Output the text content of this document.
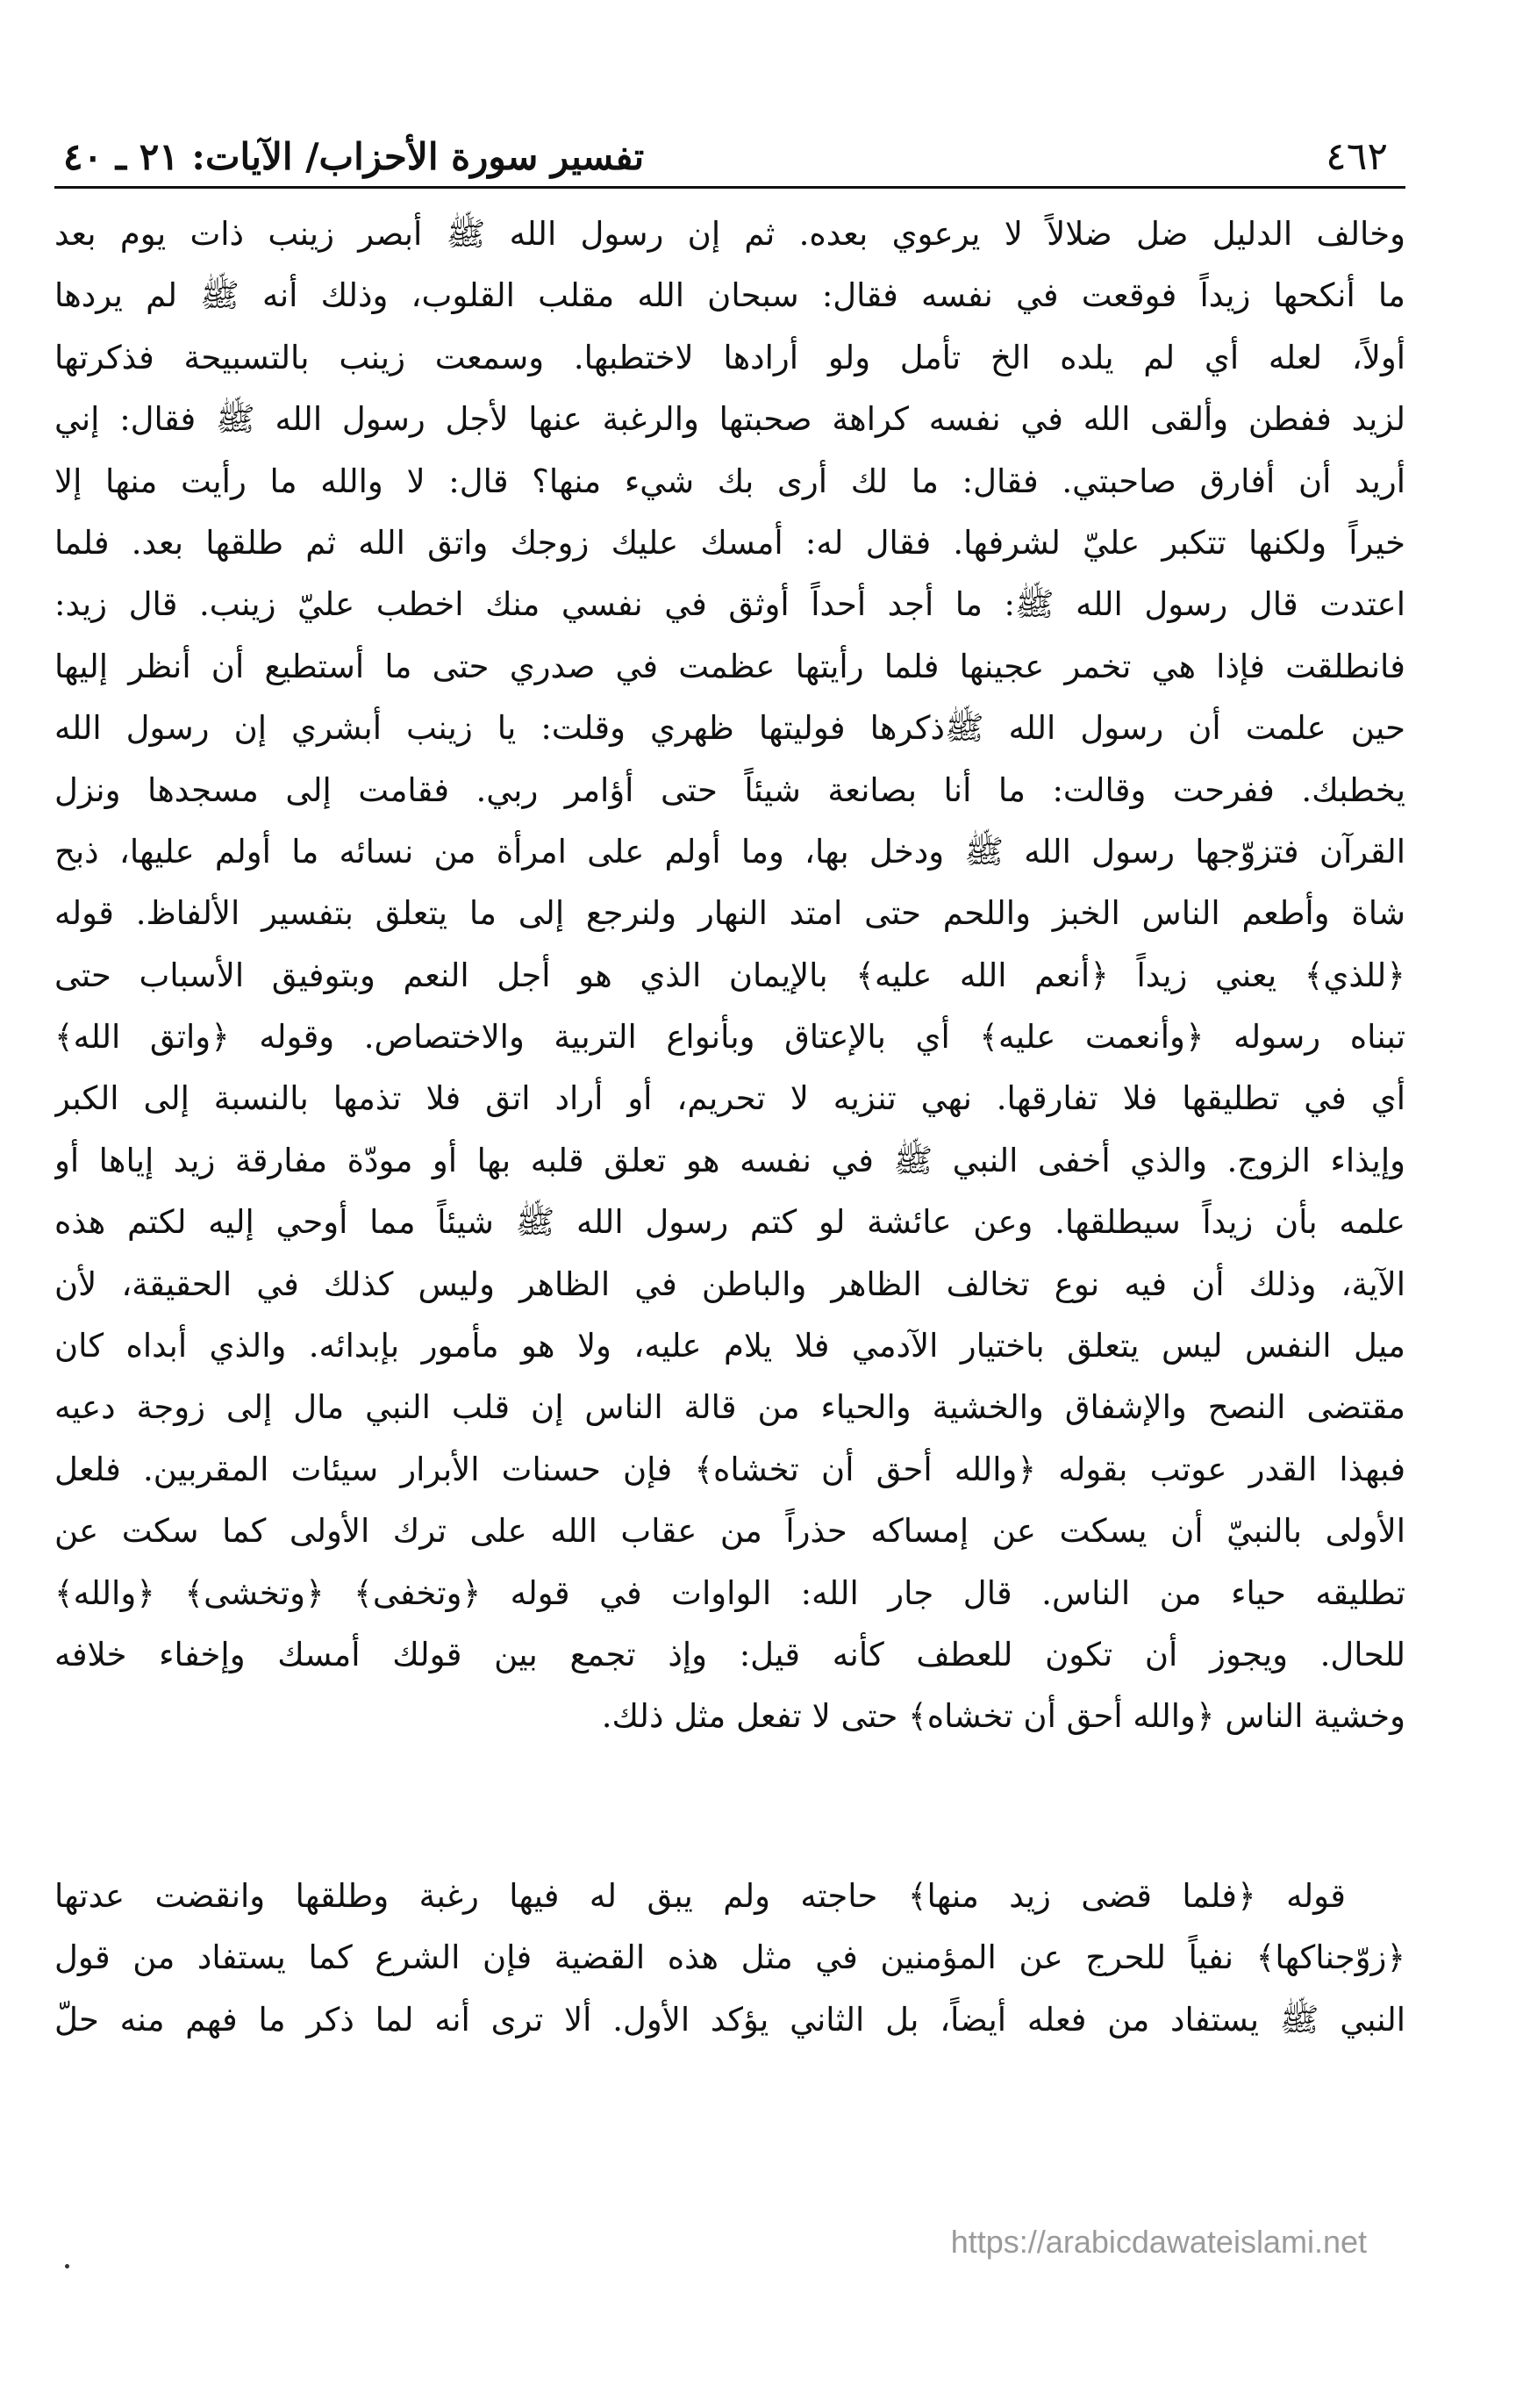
٤٦٢
تفسير سورة الأحزاب/ الآيات: ٢١ ـ ٤٠
وخالف الدليل ضل ضلالاً لا يرعوي بعده. ثم إن رسول الله ﷺ أبصر زينب ذات يوم بعد
ما أنكحها زيداً فوقعت في نفسه فقال: سبحان الله مقلب القلوب، وذلك أنه ﷺ لم يردها
أولاً، لعله أي لم يلده الخ تأمل ولو أرادها لاختطبها. وسمعت زينب بالتسبيحة فذكرتها
لزيد ففطن وألقى الله في نفسه كراهة صحبتها والرغبة عنها لأجل رسول الله ﷺ فقال: إني
أريد أن أفارق صاحبتي. فقال: ما لك أرى بك شيء منها؟ قال: لا والله ما رأيت منها إلا
خيراً ولكنها تتكبر عليّ لشرفها. فقال له: أمسك عليك زوجك واتق الله ثم طلقها بعد. فلما
اعتدت قال رسول الله ﷺ: ما أجد أحداً أوثق في نفسي منك اخطب عليّ زينب. قال زيد:
فانطلقت فإذا هي تخمر عجينها فلما رأيتها عظمت في صدري حتى ما أستطيع أن أنظر إليها
حين علمت أن رسول الله ﷺذكرها فوليتها ظهري وقلت: يا زينب أبشري إن رسول الله
يخطبك. ففرحت وقالت: ما أنا بصانعة شيئاً حتى أؤامر ربي. فقامت إلى مسجدها ونزل
القرآن فتزوّجها رسول الله ﷺ ودخل بها، وما أولم على امرأة من نسائه ما أولم عليها، ذبح
شاة وأطعم الناس الخبز واللحم حتى امتد النهار ولنرجع إلى ما يتعلق بتفسير الألفاظ. قوله
﴿للذي﴾ يعني زيداً ﴿أنعم الله عليه﴾ بالإيمان الذي هو أجل النعم وبتوفيق الأسباب حتى
تبناه رسوله ﴿وأنعمت عليه﴾ أي بالإعتاق وبأنواع التربية والاختصاص. وقوله ﴿واتق الله﴾
أي في تطليقها فلا تفارقها. نهي تنزيه لا تحريم، أو أراد اتق فلا تذمها بالنسبة إلى الكبر
وإيذاء الزوج. والذي أخفى النبي ﷺ في نفسه هو تعلق قلبه بها أو مودّة مفارقة زيد إياها أو
علمه بأن زيداً سيطلقها. وعن عائشة لو كتم رسول الله ﷺ شيئاً مما أوحي إليه لكتم هذه
الآية، وذلك أن فيه نوع تخالف الظاهر والباطن في الظاهر وليس كذلك في الحقيقة، لأن
ميل النفس ليس يتعلق باختيار الآدمي فلا يلام عليه، ولا هو مأمور بإبدائه. والذي أبداه كان
مقتضى النصح والإشفاق والخشية والحياء من قالة الناس إن قلب النبي مال إلى زوجة دعيه
فبهذا القدر عوتب بقوله ﴿والله أحق أن تخشاه﴾ فإن حسنات الأبرار سيئات المقربين. فلعل
الأولى بالنبيّ أن يسكت عن إمساكه حذراً من عقاب الله على ترك الأولى كما سكت عن
تطليقه حياء من الناس. قال جار الله: الواوات في قوله ﴿وتخفى﴾ ﴿وتخشى﴾ ﴿والله﴾
للحال. ويجوز أن تكون للعطف كأنه قيل: وإذ تجمع بين قولك أمسك وإخفاء خلافه
وخشية الناس ﴿والله أحق أن تخشاه﴾ حتى لا تفعل مثل ذلك.
قوله ﴿فلما قضى زيد منها﴾ حاجته ولم يبق له فيها رغبة وطلقها وانقضت عدتها
﴿زوّجناكها﴾ نفياً للحرج عن المؤمنين في مثل هذه القضية فإن الشرع كما يستفاد من قول
النبي ﷺ يستفاد من فعله أيضاً، بل الثاني يؤكد الأول. ألا ترى أنه لما ذكر ما فهم منه حلّ
https://arabicdawateislami.net
